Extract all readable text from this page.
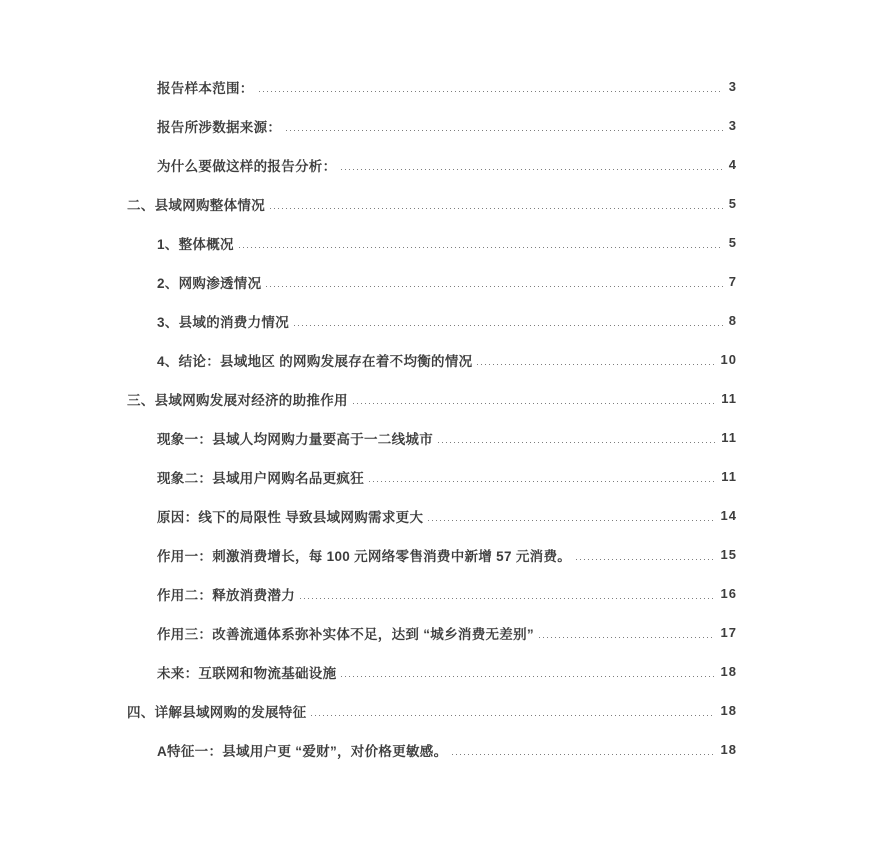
报告样本范围：	3
报告所涉数据来源：	3
为什么要做这样的报告分析：	4
二、县域网购整体情况	5
1、整体概况	5
2、网购渗透情况	7
3、县域的消费力情况	8
4、结论：县域地区 的网购发展存在着不均衡的情况	10
三、县域网购发展对经济的助推作用	11
现象一：县域人均网购力量要高于一二线城市	11
现象二：县域用户网购名品更疯狂	11
原因：线下的局限性 导致县域网购需求更大	14
作用一：刺激消费增长，每 100 元网络零售消费中新增 57 元消费。	15
作用二：释放消费潜力	16
作用三：改善流通体系弥补实体不足，达到 “城乡消费无差别”	17
未来：互联网和物流基础设施	18
四、详解县域网购的发展特征	18
A特征一：县域用户更 “爱财”，对价格更敏感。	18
